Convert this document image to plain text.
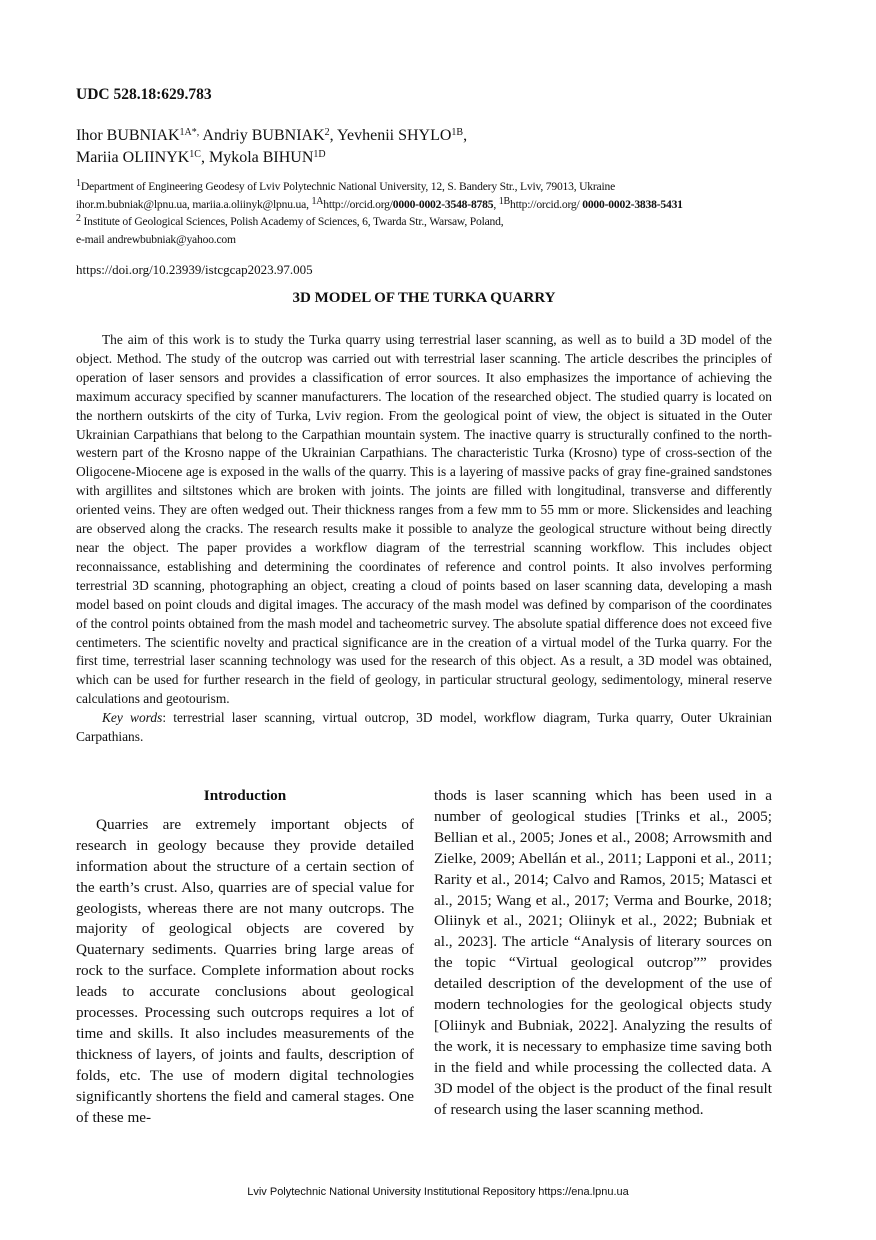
UDC 528.18:629.783
Ihor $BUBNIAK^{1A*,}$ Andriy BUBNIAK$^2$, Yevhenii $SHYLO^{1B}$,
Mariia $OLIINYK^{1C}$, Mykola $BIHUN^{1D}$
$^1$Department of Engineering Geodesy of Lviv Polytechnic National University, 12, S. Bandery Str., Lviv, 79013, Ukraine
ihor.m.bubniak@lpnu.ua, mariia.a.oliinyk@lpnu.ua, $^{1A}$http://orcid.org/0000-0002-3548-8785, $^{1B}$http://orcid.org/ 0000-0002-3838-5431
$^2$ Institute of Geological Sciences, Polish Academy of Sciences, 6, Twarda Str., Warsaw, Poland,
e-mail andrewbubniak@yahoo.com
https://doi.org/10.23939/istcgcap2023.97.005
3D MODEL OF THE TURKA QUARRY

The aim of this work is to study the Turka quarry using terrestrial laser scanning, as well as to build a 3D model of the object. Method. The study of the outcrop was carried out with terrestrial laser scanning. The article describes the principles of operation of laser sensors and provides a classification of error sources. It also emphasizes the importance of achieving the maximum accuracy specified by scanner manufacturers. The location of the researched object. The studied quarry is located on the northern outskirts of the city of Turka, Lviv region. From the geological point of view, the object is situated in the Outer Ukrainian Carpathians that belong to the Carpathian mountain system. The inactive quarry is structurally confined to the north-western part of the Krosno nappe of the Ukrainian Carpathians. The characteristic Turka (Krosno) type of cross-section of the Oligocene-Miocene age is exposed in the walls of the quarry. This is a layering of massive packs of gray fine-grained sandstones with argillites and siltstones which are broken with joints. The joints are filled with longitudinal, transverse and differently oriented veins. They are often wedged out. Their thickness ranges from a few mm to 55 mm or more. Slickensides and leaching are observed along the cracks. The research results make it possible to analyze the geological structure without being directly near the object. The paper provides a workflow diagram of the terrestrial scanning workflow. This includes object reconnaissance, establishing and determining the coordinates of reference and control points. It also involves performing terrestrial 3D scanning, photographing an object, creating a cloud of points based on laser scanning data, developing a mash model based on point clouds and digital images. The accuracy of the mash model was defined by comparison of the coordinates of the control points obtained from the mash model and tacheometric survey. The absolute spatial difference does not exceed five centimeters. The scientific novelty and practical significance are in the creation of a virtual model of the Turka quarry. For the first time, terrestrial laser scanning technology was used for the research of this object. As a result, a 3D model was obtained, which can be used for further research in the field of geology, in particular structural geology, sedimentology, mineral reserve calculations and geotourism.

Key words: terrestrial laser scanning, virtual outcrop, 3D model, workflow diagram, Turka quarry, Outer Ukrainian Carpathians.

Introduction

Quarries are extremely important objects of research in geology because they provide detailed information about the structure of a certain section of the earth’s crust. Also, quarries are of special value for geologists, whereas there are not many outcrops. The majority of geological objects are covered by Quaternary sediments. Quarries bring large areas of rock to the surface. Complete information about rocks leads to accurate conclusions about geological processes. Processing such outcrops requires a lot of time and skills. It also includes measurements of the thickness of layers, of joints and faults, description of folds, etc. The use of modern digital technologies significantly shortens the field and cameral stages. One of these me-

thods is laser scanning which has been used in a number of geological studies [Trinks et al., 2005; Bellian et al., 2005; Jones et al., 2008; Arrowsmith and Zielke, 2009; Abellán et al., 2011; Lapponi et al., 2011; Rarity et al., 2014; Calvo and Ramos, 2015; Matasci et al., 2015; Wang et al., 2017; Verma and Bourke, 2018; Oliinyk et al., 2021; Oliinyk et al., 2022; Bubniak et al., 2023]. The article “Analysis of literary sources on the topic “Virtual geological outcrop”” provides detailed description of the development of the use of modern technologies for the geological objects study [Oliinyk and Bubniak, 2022]. Analyzing the results of the work, it is necessary to emphasize time saving both in the field and while processing the collected data. A 3D model of the object is the product of the final result of research using the laser scanning method.

Lviv Polytechnic National University Institutional Repository https://ena.lpnu.ua
